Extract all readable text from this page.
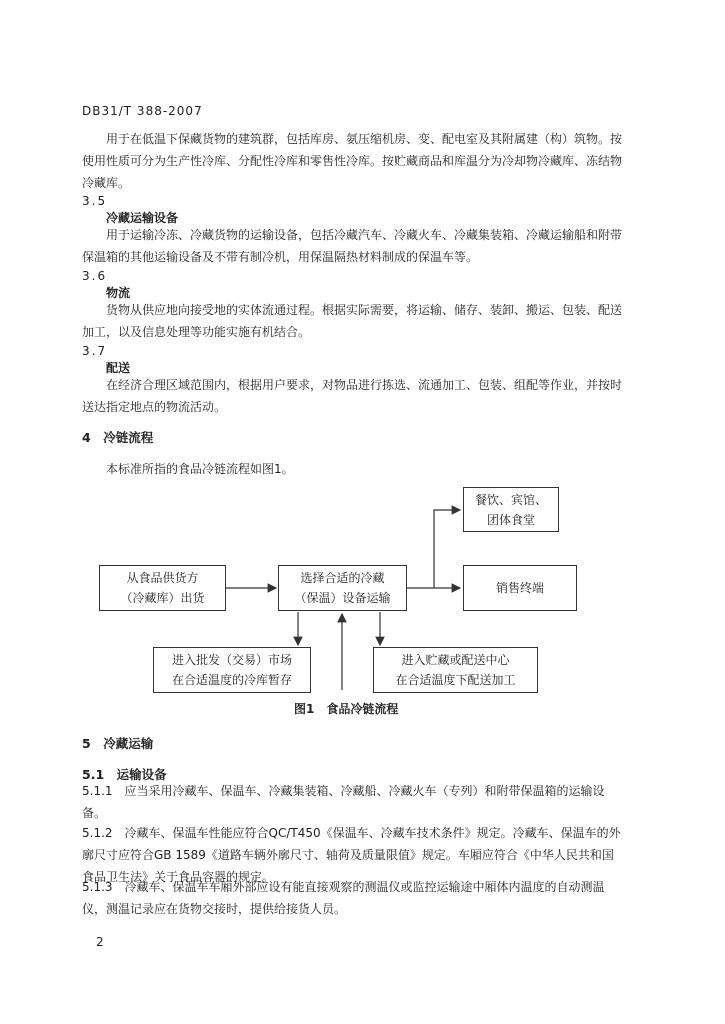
DB31/T 388-2007
用于在低温下保藏货物的建筑群，包括库房、氨压缩机房、变、配电室及其附属建（构）筑物。按使用性质可分为生产性冷库、分配性冷库和零售性冷库。按贮藏商品和库温分为冷却物冷藏库、冻结物冷藏库。
3.5
冷藏运输设备
用于运输冷冻、冷藏货物的运输设备，包括冷藏汽车、冷藏火车、冷藏集装箱、冷藏运输船和附带保温箱的其他运输设备及不带有制冷机，用保温隔热材料制成的保温车等。
3.6
物流
货物从供应地向接受地的实体流通过程。根据实际需要，将运输、储存、装卸、搬运、包装、配送加工，以及信息处理等功能实施有机结合。
3.7
配送
在经济合理区域范围内，根据用户要求，对物品进行拣选、流通加工、包装、组配等作业，并按时送达指定地点的物流活动。
4　冷链流程
本标准所指的食品冷链流程如图1。
从食品供货方
（冷藏库）出货
选择合适的冷藏
（保温）设备运输
餐饮、宾馆、
团体食堂
销售终端
进入批发（交易）市场
在合适温度的冷库暂存
进入贮藏或配送中心
在合适温度下配送加工
图1　食品冷链流程
5　冷藏运输
5.1　运输设备
5.1.1　应当采用冷藏车、保温车、冷藏集装箱、冷藏船、冷藏火车（专列）和附带保温箱的运输设备。
5.1.2　冷藏车、保温车性能应符合QC/T450《保温车、冷藏车技术条件》规定。冷藏车、保温车的外廓尺寸应符合GB 1589《道路车辆外廓尺寸、轴荷及质量限值》规定。车厢应符合《中华人民共和国食品卫生法》关于食品容器的规定。
5.1.3　冷藏车、保温车车厢外部应设有能直接观察的测温仪或监控运输途中厢体内温度的自动测温仪，测温记录应在货物交接时，提供给接货人员。
2
